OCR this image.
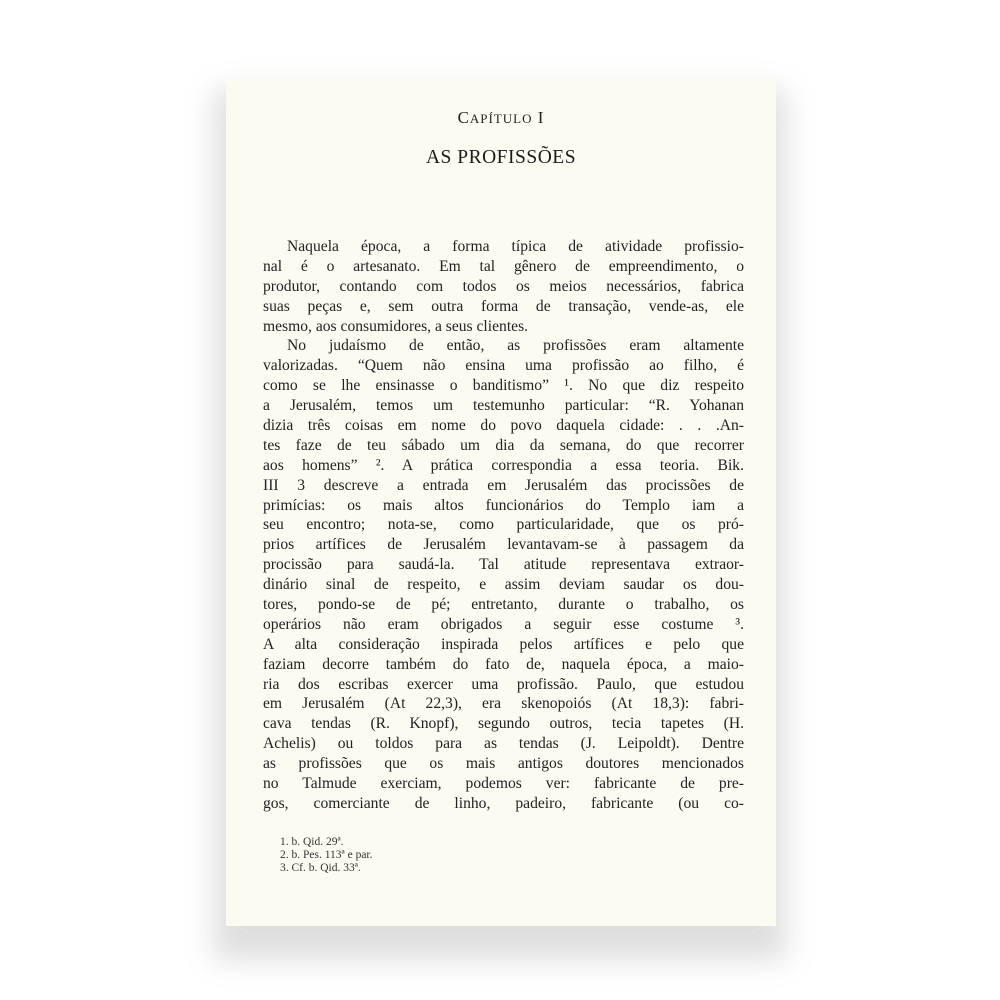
CAPÍTULO I
AS PROFISSÕES
Naquela época, a forma típica de atividade profissio-
nal é o artesanato. Em tal gênero de empreendimento, o
produtor, contando com todos os meios necessários, fabrica
suas peças e, sem outra forma de transação, vende-as, ele
mesmo, aos consumidores, a seus clientes.
No judaísmo de então, as profissões eram altamente
valorizadas. “Quem não ensina uma profissão ao filho, é
como se lhe ensinasse o banditismo” ¹. No que diz respeito
a Jerusalém, temos um testemunho particular: “R. Yohanan
dizia três coisas em nome do povo daquela cidade: . . .An-
tes faze de teu sábado um dia da semana, do que recorrer
aos homens” ². A prática correspondia a essa teoria. Bik.
III 3 descreve a entrada em Jerusalém das procissões de
primícias: os mais altos funcionários do Templo iam a
seu encontro; nota-se, como particularidade, que os pró-
prios artífices de Jerusalém levantavam-se à passagem da
procissão para saudá-la. Tal atitude representava extraor-
dinário sinal de respeito, e assim deviam saudar os dou-
tores, pondo-se de pé; entretanto, durante o trabalho, os
operários não eram obrigados a seguir esse costume ³.
A alta consideração inspirada pelos artífices e pelo que
faziam decorre também do fato de, naquela época, a maio-
ria dos escribas exercer uma profissão. Paulo, que estudou
em Jerusalém (At 22,3), era skenopoiós (At 18,3): fabri-
cava tendas (R. Knopf), segundo outros, tecia tapetes (H.
Achelis) ou toldos para as tendas (J. Leipoldt). Dentre
as profissões que os mais antigos doutores mencionados
no Talmude exerciam, podemos ver: fabricante de pre-
gos, comerciante de linho, padeiro, fabricante (ou co-
1. b. Qid. 29ª.
2. b. Pes. 113ª e par.
3. Cf. b. Qid. 33ª.
